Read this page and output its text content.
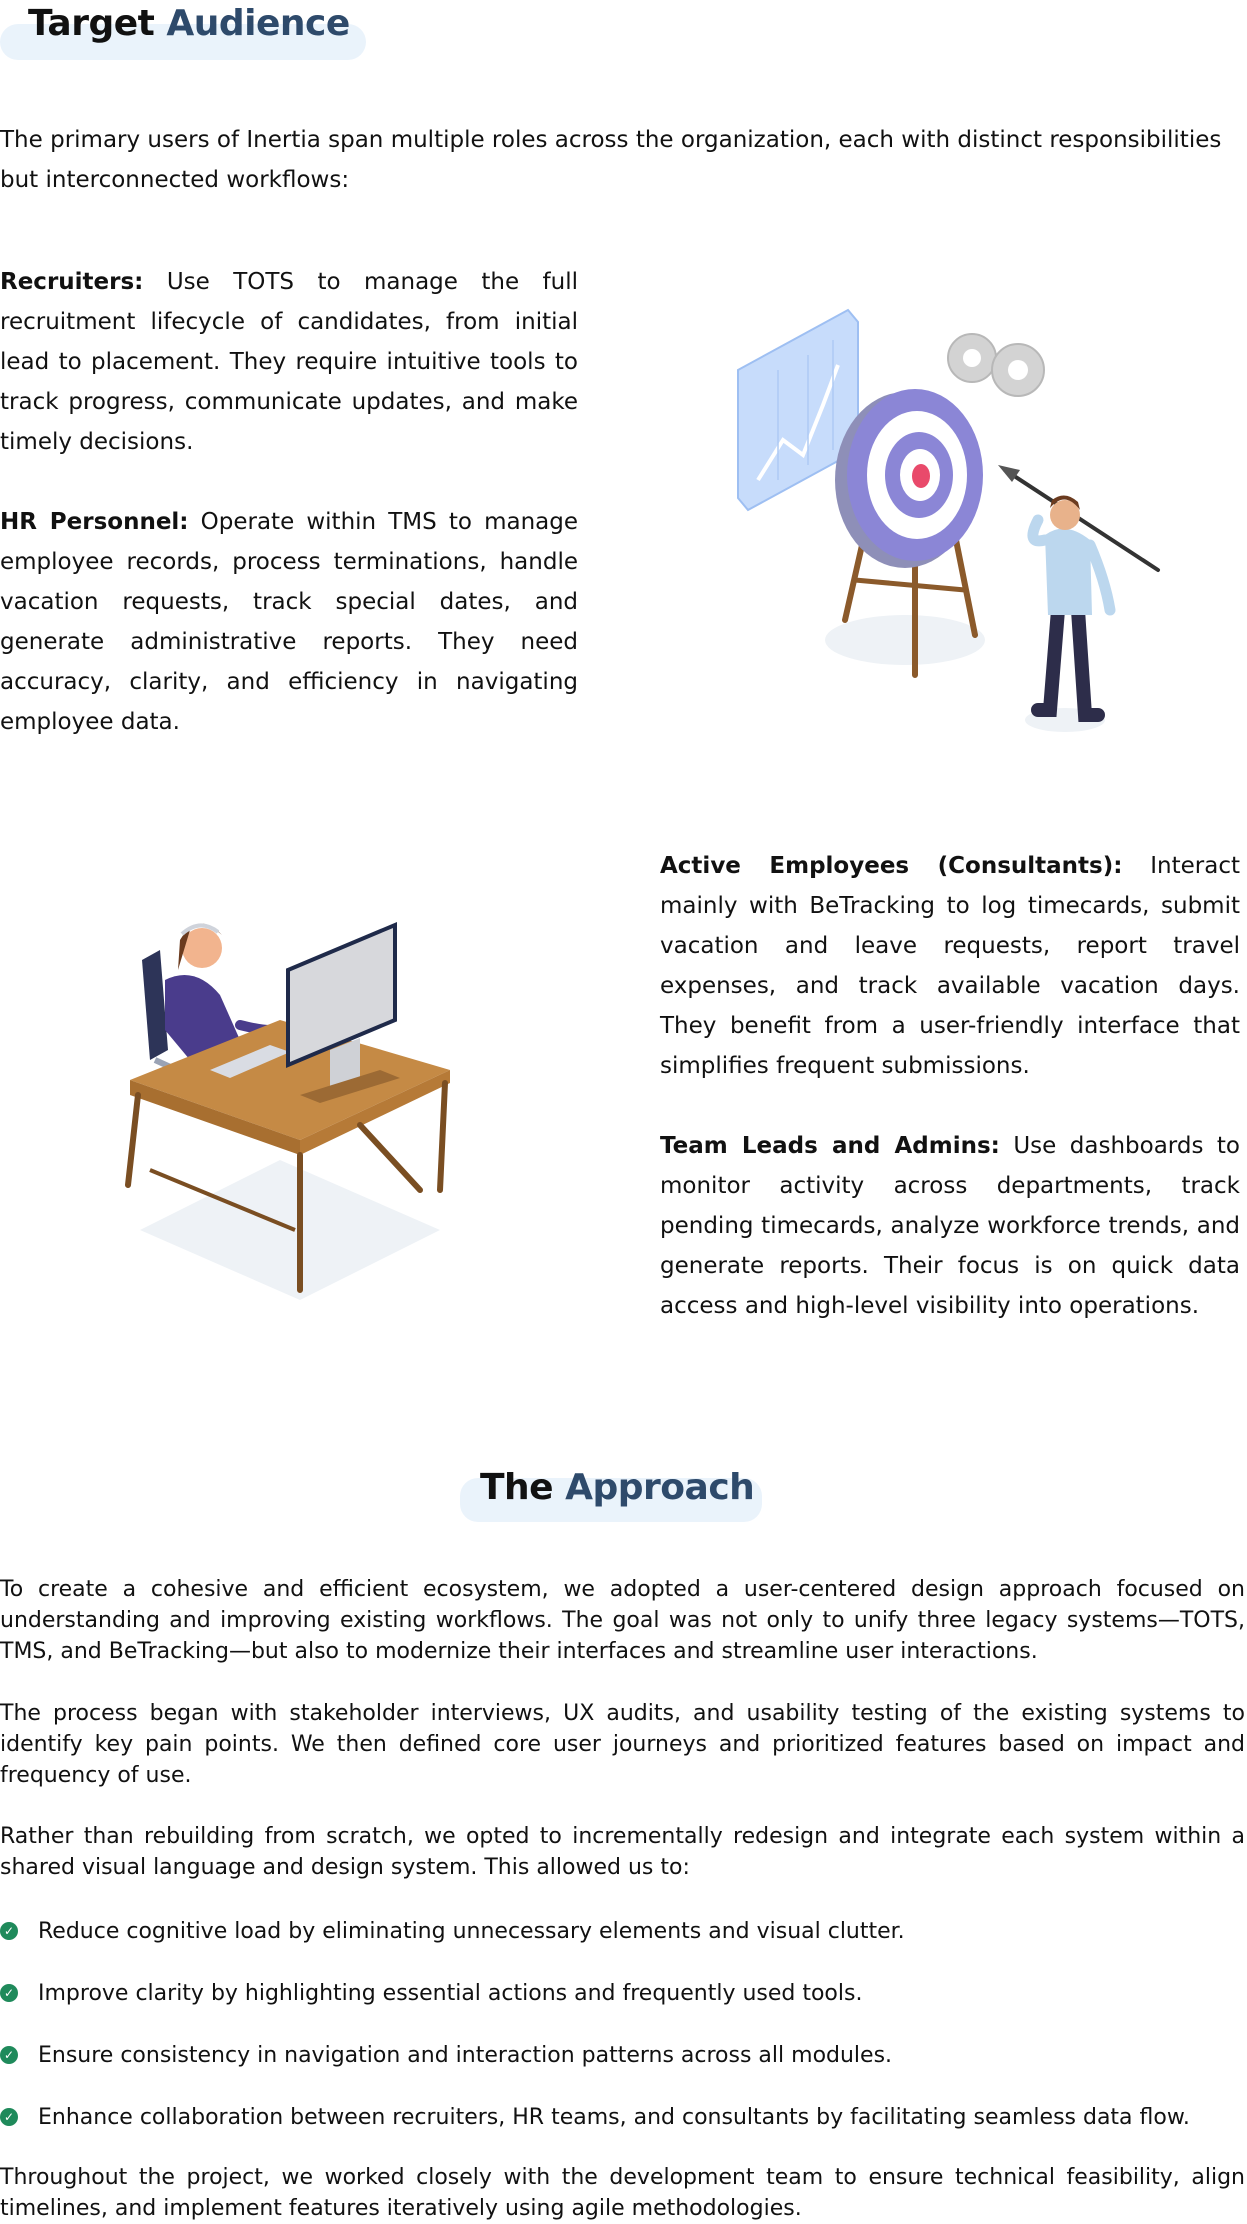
Target Audience

The primary users of Inertia span multiple roles across the organization, each with distinct responsibilities but interconnected workflows:

Recruiters: Use TOTS to manage the full recruitment lifecycle of candidates, from initial lead to placement. They require intuitive tools to track progress, communicate updates, and make timely decisions.

HR Personnel: Operate within TMS to manage employee records, process terminations, handle vacation requests, track special dates, and generate administrative reports. They need accuracy, clarity, and efficiency in navigating employee data.

Active Employees (Consultants): Interact mainly with BeTracking to log timecards, submit vacation and leave requests, report travel expenses, and track available vacation days. They benefit from a user-friendly interface that simplifies frequent submissions.

Team Leads and Admins: Use dashboards to monitor activity across departments, track pending timecards, analyze workforce trends, and generate reports. Their focus is on quick data access and high-level visibility into operations.

The Approach

To create a cohesive and efficient ecosystem, we adopted a user-centered design approach focused on understanding and improving existing workflows. The goal was not only to unify three legacy systems—TOTS, TMS, and BeTracking—but also to modernize their interfaces and streamline user interactions.

The process began with stakeholder interviews, UX audits, and usability testing of the existing systems to identify key pain points. We then defined core user journeys and prioritized features based on impact and frequency of use.

Rather than rebuilding from scratch, we opted to incrementally redesign and integrate each system within a shared visual language and design system. This allowed us to:

✓ Reduce cognitive load by eliminating unnecessary elements and visual clutter.
✓ Improve clarity by highlighting essential actions and frequently used tools.
✓ Ensure consistency in navigation and interaction patterns across all modules.
✓ Enhance collaboration between recruiters, HR teams, and consultants by facilitating seamless data flow.

Throughout the project, we worked closely with the development team to ensure technical feasibility, align timelines, and implement features iteratively using agile methodologies.
